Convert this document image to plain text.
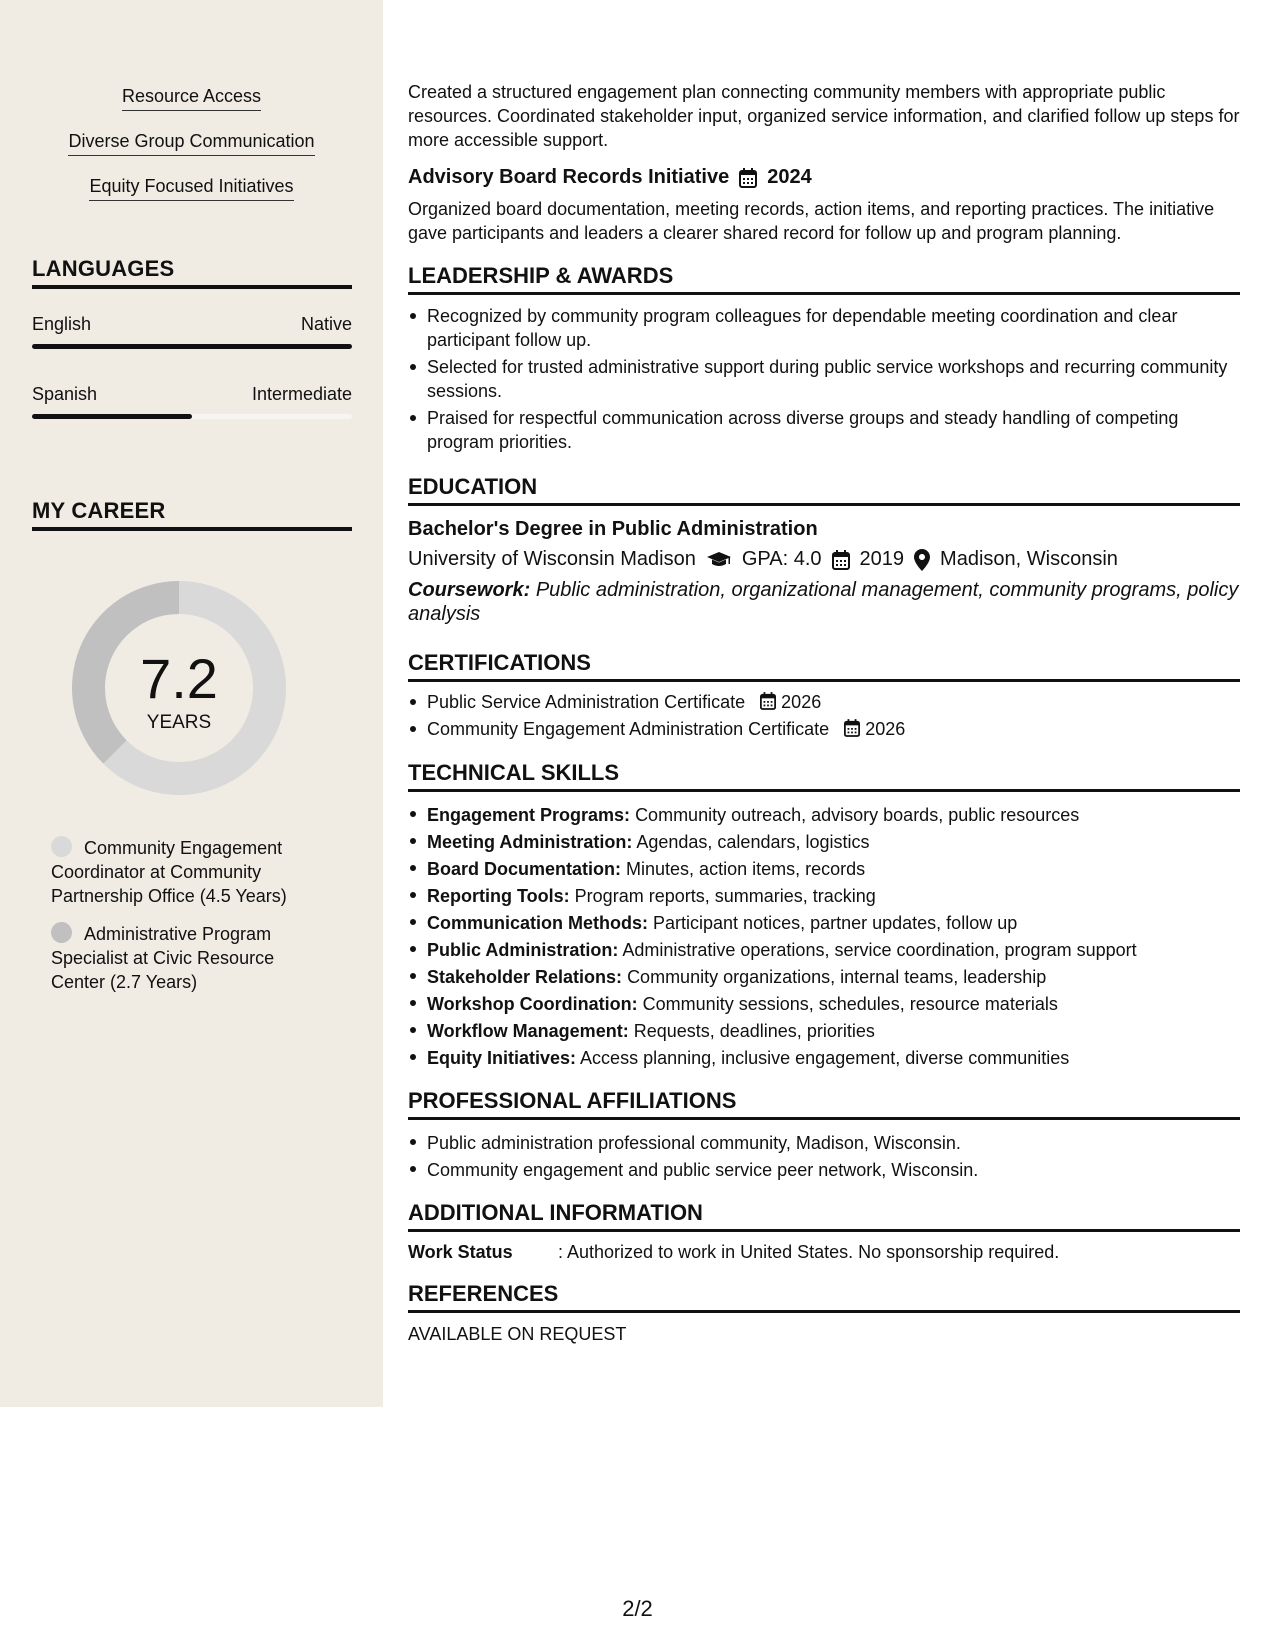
Resource Access
Diverse Group Communication
Equity Focused Initiatives
LANGUAGES
English	Native
Spanish	Intermediate
MY CAREER
7.2
YEARS
Community Engagement Coordinator at Community Partnership Office (4.5 Years)
Administrative Program Specialist at Civic Resource Center (2.7 Years)
Created a structured engagement plan connecting community members with appropriate public resources. Coordinated stakeholder input, organized service information, and clarified follow up steps for more accessible support.
Advisory Board Records Initiative 2024
Organized board documentation, meeting records, action items, and reporting practices. The initiative gave participants and leaders a clearer shared record for follow up and program planning.
LEADERSHIP & AWARDS
Recognized by community program colleagues for dependable meeting coordination and clear participant follow up.
Selected for trusted administrative support during public service workshops and recurring community sessions.
Praised for respectful communication across diverse groups and steady handling of competing program priorities.
EDUCATION
Bachelor's Degree in Public Administration
University of Wisconsin Madison GPA: 4.0 2019 Madison, Wisconsin
Coursework: Public administration, organizational management, community programs, policy analysis
CERTIFICATIONS
Public Service Administration Certificate 2026
Community Engagement Administration Certificate 2026
TECHNICAL SKILLS
Engagement Programs: Community outreach, advisory boards, public resources
Meeting Administration: Agendas, calendars, logistics
Board Documentation: Minutes, action items, records
Reporting Tools: Program reports, summaries, tracking
Communication Methods: Participant notices, partner updates, follow up
Public Administration: Administrative operations, service coordination, program support
Stakeholder Relations: Community organizations, internal teams, leadership
Workshop Coordination: Community sessions, schedules, resource materials
Workflow Management: Requests, deadlines, priorities
Equity Initiatives: Access planning, inclusive engagement, diverse communities
PROFESSIONAL AFFILIATIONS
Public administration professional community, Madison, Wisconsin.
Community engagement and public service peer network, Wisconsin.
ADDITIONAL INFORMATION
Work Status	: Authorized to work in United States. No sponsorship required.
REFERENCES
AVAILABLE ON REQUEST
2/2
